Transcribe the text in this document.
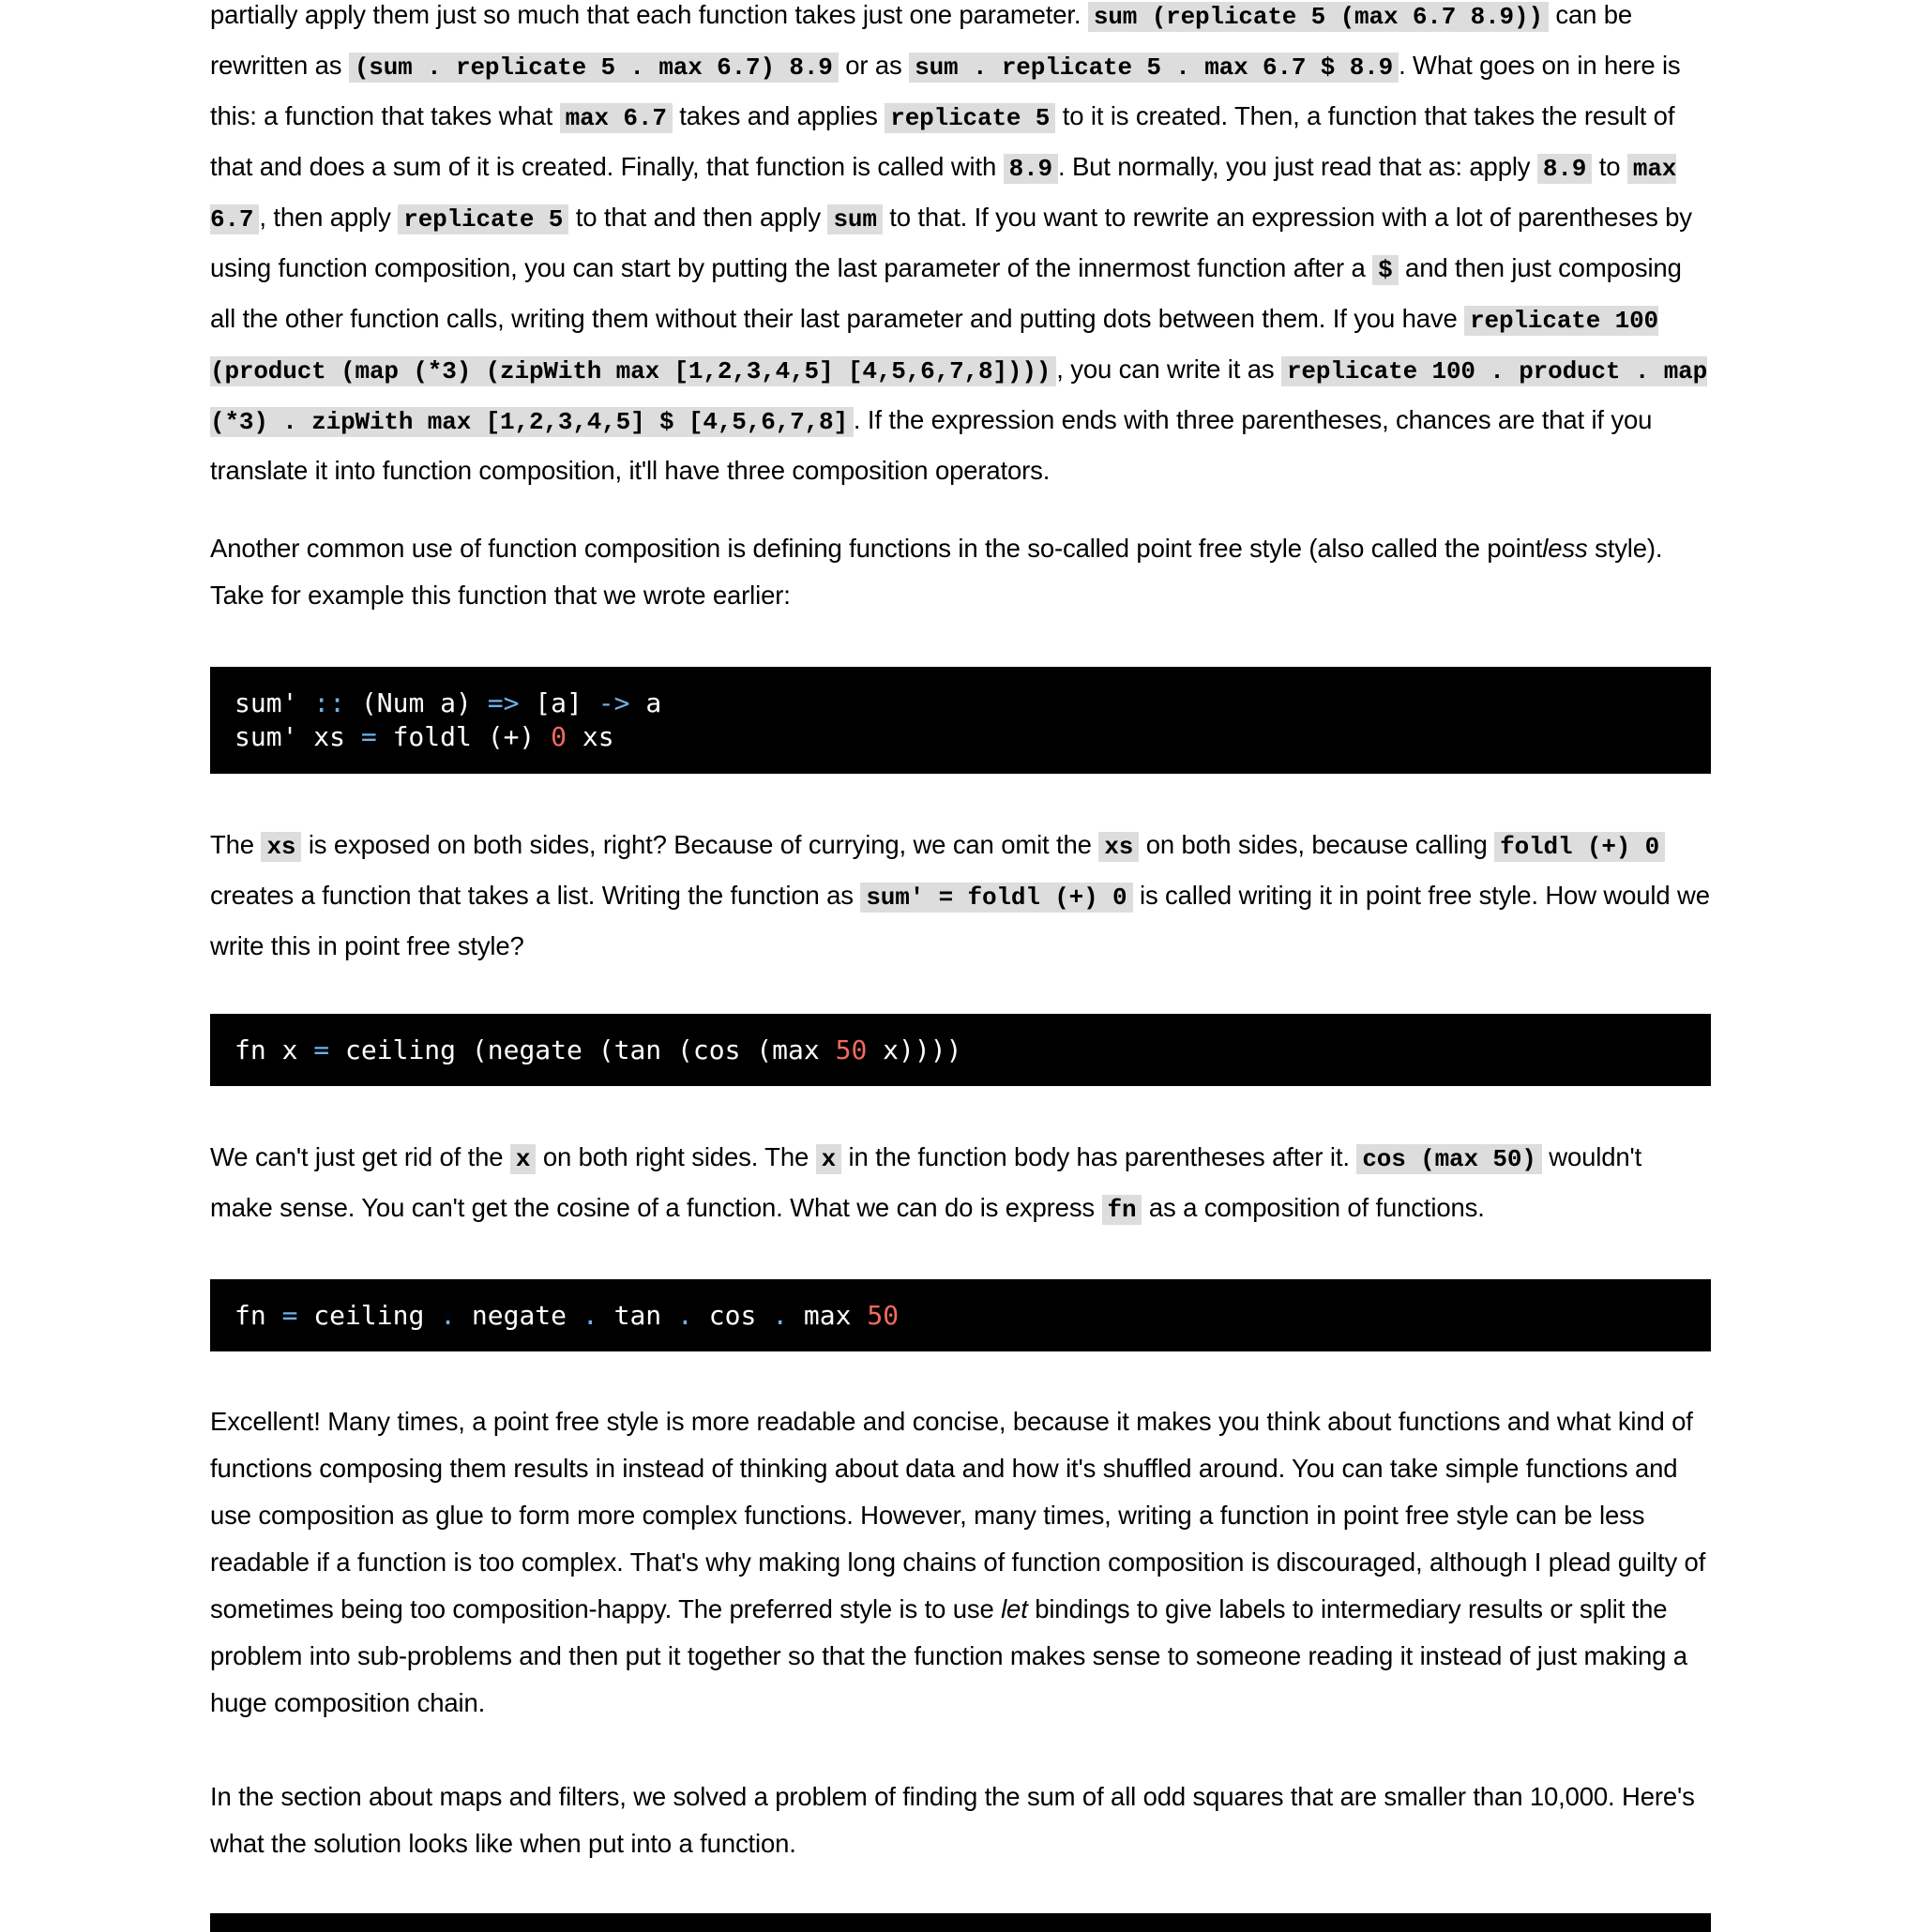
partially apply them just so much that each function takes just one parameter. sum (replicate 5 (max 6.7 8.9)) can be rewritten as (sum . replicate 5 . max 6.7) 8.9 or as sum . replicate 5 . max 6.7 $ 8.9 . What goes on in here is this: a function that takes what max 6.7 takes and applies replicate 5 to it is created. Then, a function that takes the result of that and does a sum of it is created. Finally, that function is called with 8.9 . But normally, you just read that as: apply 8.9 to max 6.7 , then apply replicate 5 to that and then apply sum to that. If you want to rewrite an expression with a lot of parentheses by using function composition, you can start by putting the last parameter of the innermost function after a $ and then just composing all the other function calls, writing them without their last parameter and putting dots between them. If you have replicate 100 (product (map (*3) (zipWith max [1,2,3,4,5] [4,5,6,7,8]))) , you can write it as replicate 100 . product . map (*3) . zipWith max [1,2,3,4,5] $ [4,5,6,7,8] . If the expression ends with three parentheses, chances are that if you translate it into function composition, it'll have three composition operators.

Another common use of function composition is defining functions in the so-called point free style (also called the pointless style). Take for example this function that we wrote earlier:

sum' :: (Num a) => [a] -> a
sum' xs = foldl (+) 0 xs

The xs is exposed on both sides, right? Because of currying, we can omit the xs on both sides, because calling foldl (+) 0 creates a function that takes a list. Writing the function as sum' = foldl (+) 0 is called writing it in point free style. How would we write this in point free style?

fn x = ceiling (negate (tan (cos (max 50 x))))

We can't just get rid of the x on both right sides. The x in the function body has parentheses after it. cos (max 50) wouldn't make sense. You can't get the cosine of a function. What we can do is express fn as a composition of functions.

fn = ceiling . negate . tan . cos . max 50

Excellent! Many times, a point free style is more readable and concise, because it makes you think about functions and what kind of functions composing them results in instead of thinking about data and how it's shuffled around. You can take simple functions and use composition as glue to form more complex functions. However, many times, writing a function in point free style can be less readable if a function is too complex. That's why making long chains of function composition is discouraged, although I plead guilty of sometimes being too composition-happy. The preferred style is to use let bindings to give labels to intermediary results or split the problem into sub-problems and then put it together so that the function makes sense to someone reading it instead of just making a huge composition chain.

In the section about maps and filters, we solved a problem of finding the sum of all odd squares that are smaller than 10,000. Here's what the solution looks like when put into a function.
